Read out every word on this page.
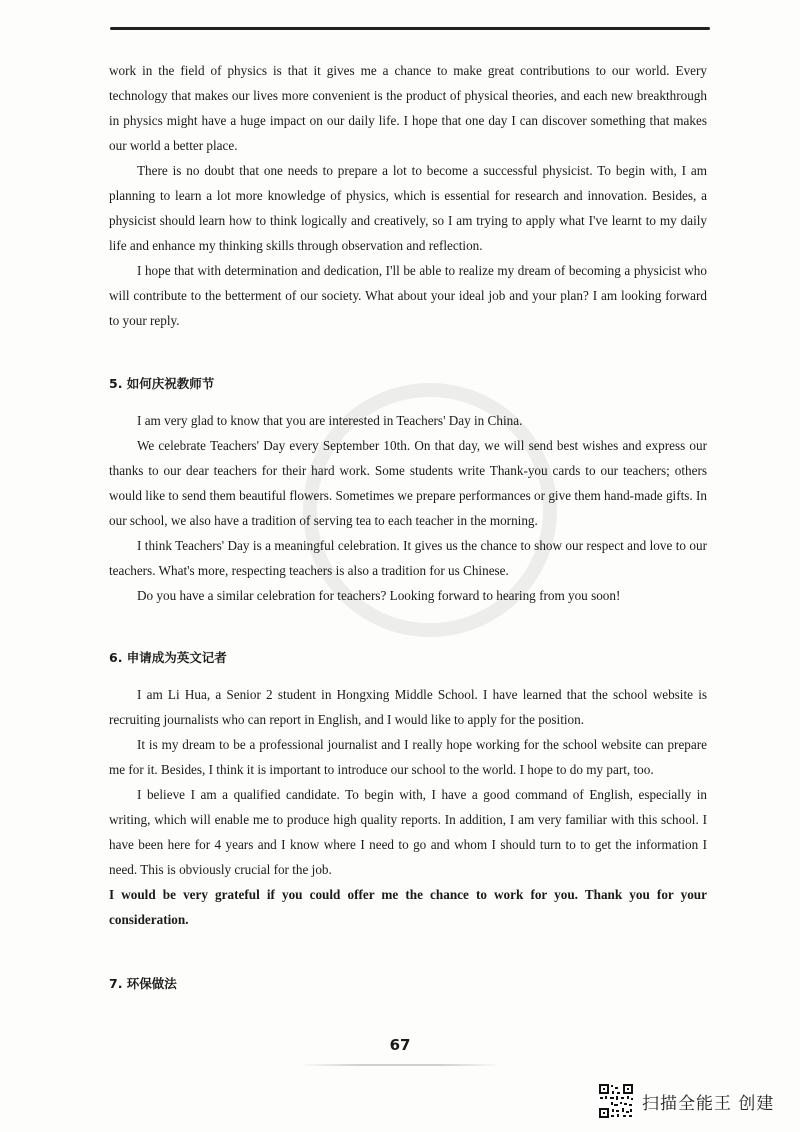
work in the field of physics is that it gives me a chance to make great contributions to our world. Every technology that makes our lives more convenient is the product of physical theories, and each new breakthrough in physics might have a huge impact on our daily life. I hope that one day I can discover something that makes our world a better place.

There is no doubt that one needs to prepare a lot to become a successful physicist. To begin with, I am planning to learn a lot more knowledge of physics, which is essential for research and innovation. Besides, a physicist should learn how to think logically and creatively, so I am trying to apply what I've learnt to my daily life and enhance my thinking skills through observation and reflection.

I hope that with determination and dedication, I'll be able to realize my dream of becoming a physicist who will contribute to the betterment of our society. What about your ideal job and your plan? I am looking forward to your reply.

5. 如何庆祝教师节

I am very glad to know that you are interested in Teachers' Day in China.

We celebrate Teachers' Day every September 10th. On that day, we will send best wishes and express our thanks to our dear teachers for their hard work. Some students write Thank-you cards to our teachers; others would like to send them beautiful flowers. Sometimes we prepare performances or give them hand-made gifts. In our school, we also have a tradition of serving tea to each teacher in the morning.

I think Teachers' Day is a meaningful celebration. It gives us the chance to show our respect and love to our teachers. What's more, respecting teachers is also a tradition for us Chinese.

Do you have a similar celebration for teachers? Looking forward to hearing from you soon!

6. 申请成为英文记者

I am Li Hua, a Senior 2 student in Hongxing Middle School. I have learned that the school website is recruiting journalists who can report in English, and I would like to apply for the position.

It is my dream to be a professional journalist and I really hope working for the school website can prepare me for it. Besides, I think it is important to introduce our school to the world. I hope to do my part, too.

I believe I am a qualified candidate. To begin with, I have a good command of English, especially in writing, which will enable me to produce high quality reports. In addition, I am very familiar with this school. I have been here for 4 years and I know where I need to go and whom I should turn to to get the information I need. This is obviously crucial for the job.

I would be very grateful if you could offer me the chance to work for you. Thank you for your consideration.

7. 环保做法
67
扫描全能王 创建
